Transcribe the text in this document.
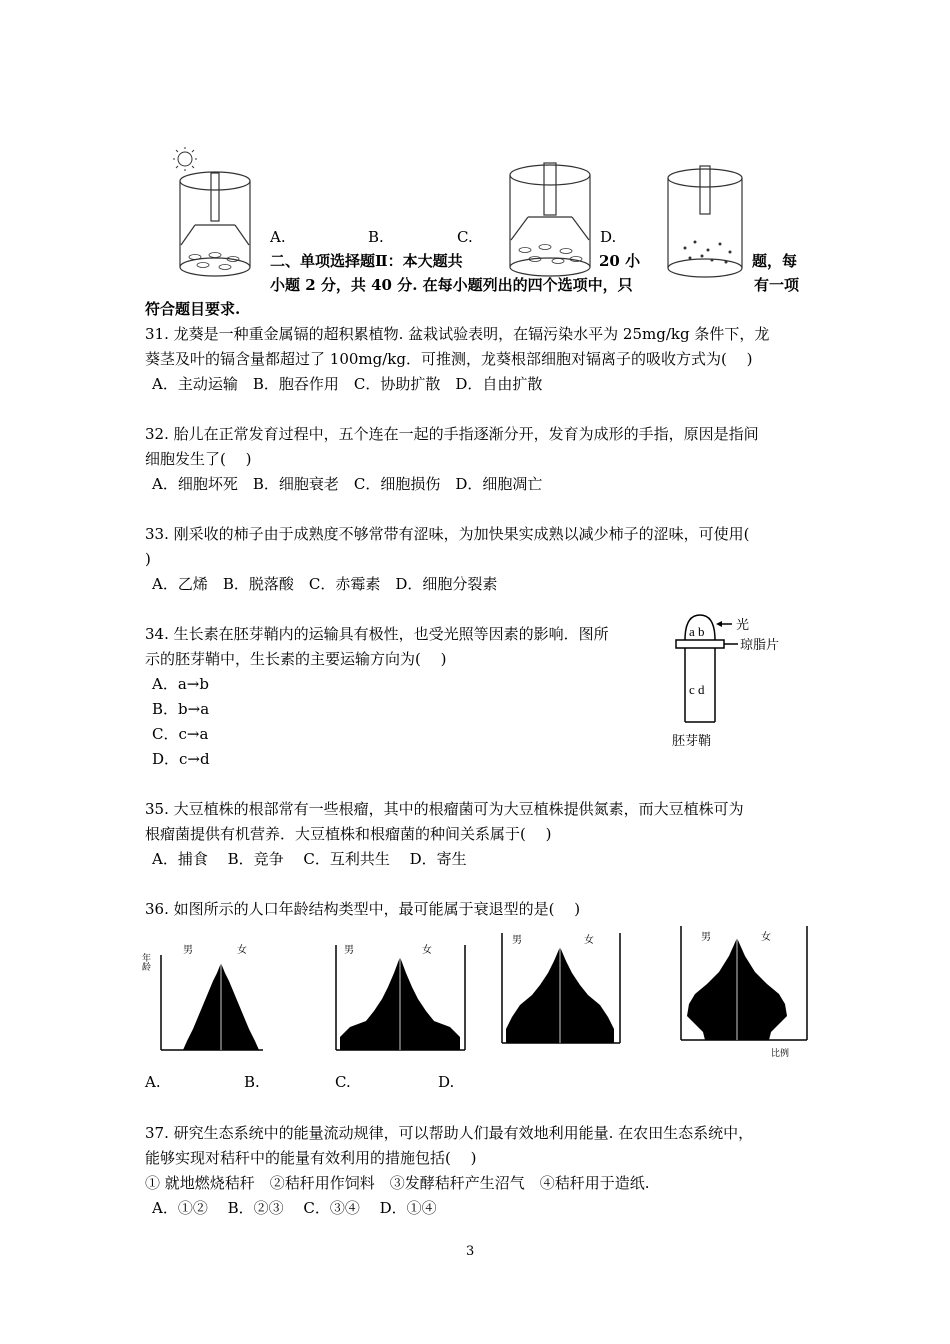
A.	B.	C.	D.
二、单项选择题Ⅱ：本大题共	20 小	题，每
小题 2 分，共 40 分. 在每小题列出的四个选项中，只	有一项
符合题目要求.
31. 龙葵是一种重金属镉的超积累植物. 盆栽试验表明，在镉污染水平为 25mg/kg 条件下，龙
葵茎及叶的镉含量都超过了 100mg/kg．可推测，龙葵根部细胞对镉离子的吸收方式为(　 )
A．主动运输　B．胞吞作用　C．协助扩散　D．自由扩散
32. 胎儿在正常发育过程中，五个连在一起的手指逐渐分开，发育为成形的手指，原因是指间
细胞发生了(　 )
A．细胞坏死　B．细胞衰老　C．细胞损伤　D．细胞凋亡
33. 刚采收的柿子由于成熟度不够常带有涩味，为加快果实成熟以减少柿子的涩味，可使用(
)
A．乙烯　B．脱落酸　C．赤霉素　D．细胞分裂素
34. 生长素在胚芽鞘内的运输具有极性，也受光照等因素的影响．图所
示的胚芽鞘中，生长素的主要运输方向为(　 )
A．a→b
B．b→a
C．c→a
D．c→d
a b
c d
光
琼脂片
胚芽鞘
35. 大豆植株的根部常有一些根瘤，其中的根瘤菌可为大豆植株提供氮素，而大豆植株可为
根瘤菌提供有机营养．大豆植株和根瘤菌的种间关系属于(　 )
A．捕食　 B．竞争　 C．互利共生　 D．寄生
36. 如图所示的人口年龄结构类型中，最可能属于衰退型的是(　 )
年龄
男	女	男	女
男	女	男	女
比例
A.	B.	C.	D.
37. 研究生态系统中的能量流动规律，可以帮助人们最有效地利用能量. 在农田生态系统中，
能够实现对秸秆中的能量有效利用的措施包括(　 )
① 就地燃烧秸秆　②秸秆用作饲料　③发酵秸秆产生沼气　④秸秆用于造纸.
A．①②　 B．②③　 C．③④　 D．①④
3
